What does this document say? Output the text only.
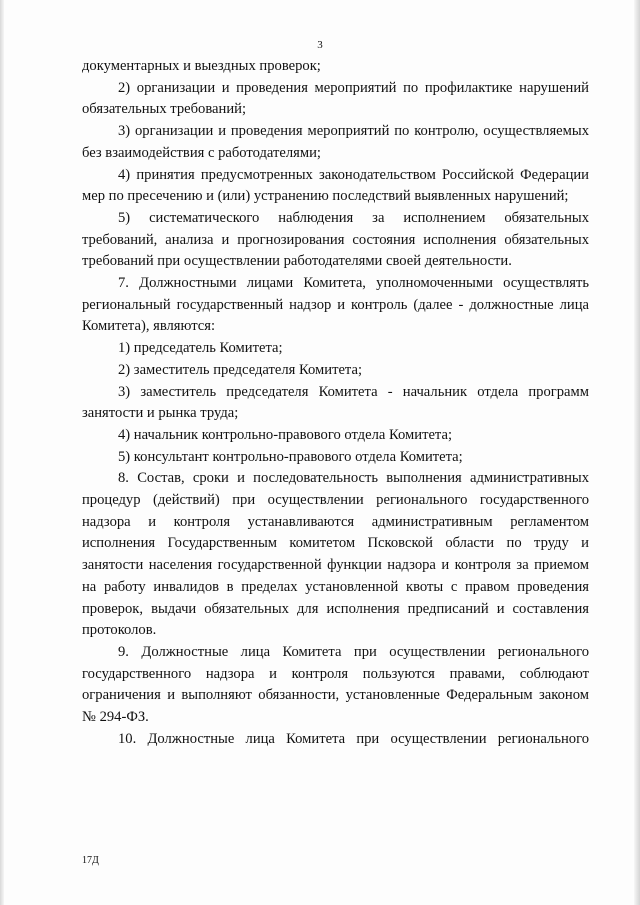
3

документарных и выездных проверок;

2) организации и проведения мероприятий по профилактике нарушений обязательных требований;

3) организации и проведения мероприятий по контролю, осуществляемых без взаимодействия с работодателями;

4) принятия предусмотренных законодательством Российской Федерации мер по пресечению и (или) устранению последствий выявленных нарушений;

5) систематического наблюдения за исполнением обязательных требований, анализа и прогнозирования состояния исполнения обязательных требований при осуществлении работодателями своей деятельности.

7. Должностными лицами Комитета, уполномоченными осуществлять региональный государственный надзор и контроль (далее - должностные лица Комитета), являются:

1) председатель Комитета;

2) заместитель председателя Комитета;

3) заместитель председателя Комитета - начальник отдела программ занятости и рынка труда;

4) начальник контрольно-правового отдела Комитета;

5) консультант контрольно-правового отдела Комитета;

8. Состав, сроки и последовательность выполнения административных процедур (действий) при осуществлении регионального государственного надзора и контроля устанавливаются административным регламентом исполнения Государственным комитетом Псковской области по труду и занятости населения государственной функции надзора и контроля за приемом на работу инвалидов в пределах установленной квоты с правом проведения проверок, выдачи обязательных для исполнения предписаний и составления протоколов.

9. Должностные лица Комитета при осуществлении регионального государственного надзора и контроля пользуются правами, соблюдают ограничения и выполняют обязанности, установленные Федеральным законом № 294-ФЗ.

10. Должностные лица Комитета при осуществлении регионального

17Д
